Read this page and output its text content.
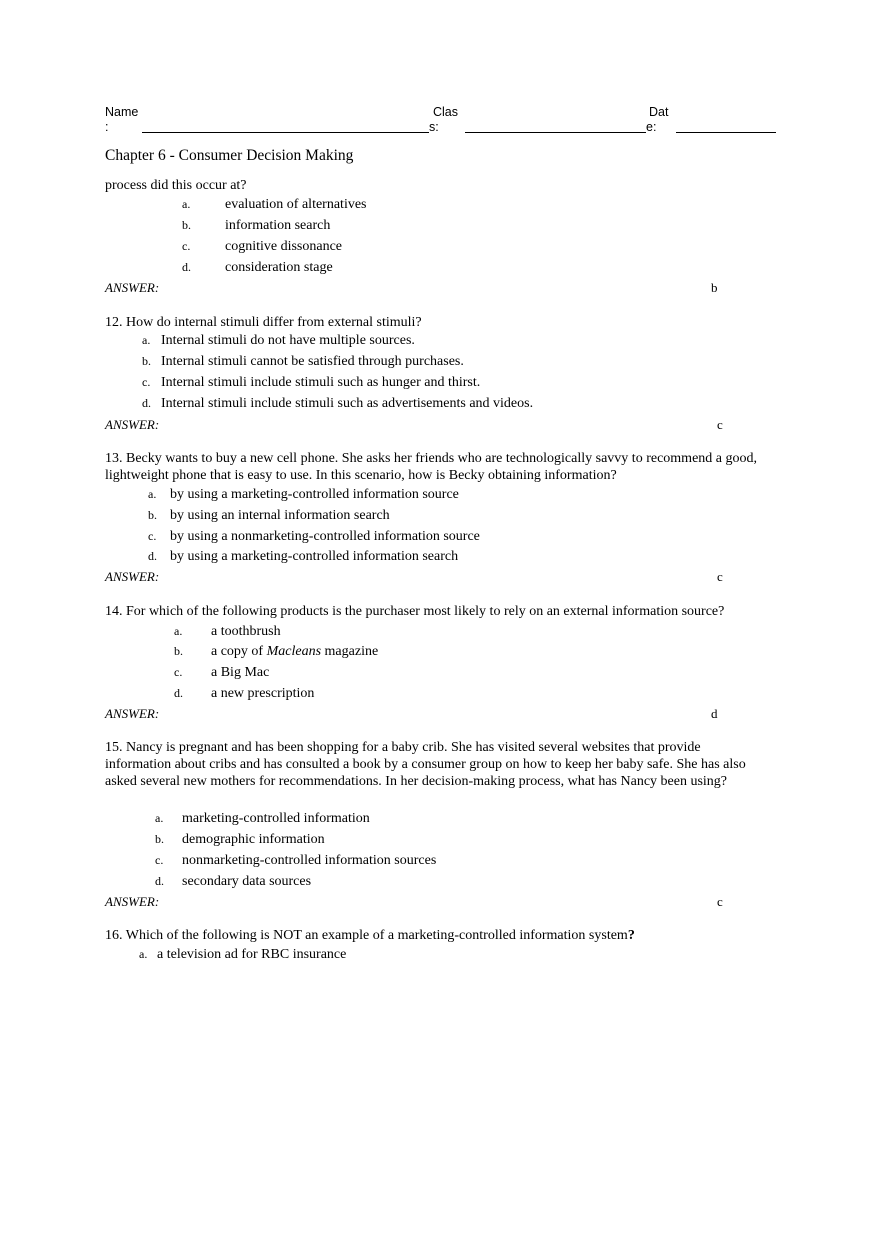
Name
:
Clas
s:
Dat
e:
Chapter 6 - Consumer Decision Making
process did this occur at?
a. evaluation of alternatives
b. information search
c. cognitive dissonance
d. consideration stage
ANSWER:	b
12. How do internal stimuli differ from external stimuli?
a. Internal stimuli do not have multiple sources.
b. Internal stimuli cannot be satisfied through purchases.
c. Internal stimuli include stimuli such as hunger and thirst.
d. Internal stimuli include stimuli such as advertisements and videos.
ANSWER:	c
13. Becky wants to buy a new cell phone. She asks her friends who are technologically savvy to recommend a good, lightweight phone that is easy to use. In this scenario, how is Becky obtaining information?
a. by using a marketing-controlled information source
b. by using an internal information search
c. by using a nonmarketing-controlled information source
d. by using a marketing-controlled information search
ANSWER:	c
14. For which of the following products is the purchaser most likely to rely on an external information source?
a. a toothbrush
b. a copy of Macleans magazine
c. a Big Mac
d. a new prescription
ANSWER:	d
15. Nancy is pregnant and has been shopping for a baby crib. She has visited several websites that provide information about cribs and has consulted a book by a consumer group on how to keep her baby safe. She has also asked several new mothers for recommendations. In her decision-making process, what has Nancy been using?
a. marketing-controlled information
b. demographic information
c. nonmarketing-controlled information sources
d. secondary data sources
ANSWER:	c
16. Which of the following is NOT an example of a marketing-controlled information system?
a. a television ad for RBC insurance
